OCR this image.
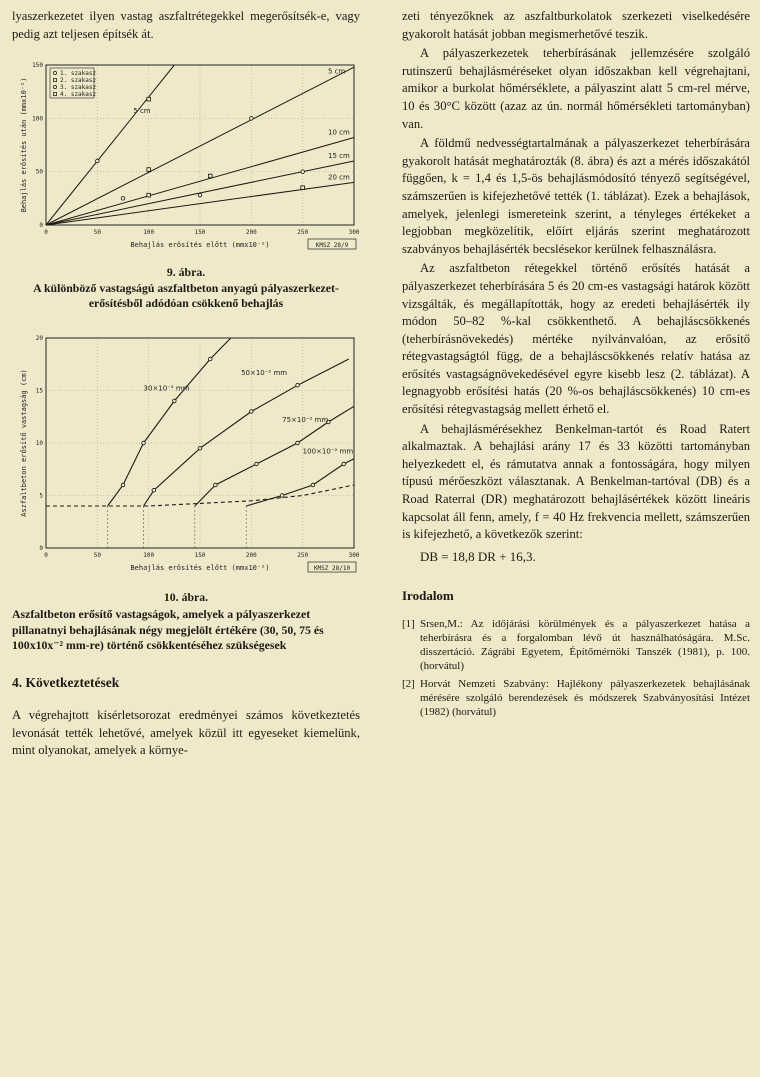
lyaszerkezetet ilyen vastag aszfaltrétegekkel megerősítsék-e, vagy pedig azt teljesen építsék át.

0	50	100	150	200	250	300
0
50
100
150
Behajlás erősítés előtt (mmx10⁻²)
Behajlás erősítés után (mmx10⁻²)
KMSZ 28/9
5 cm
5 cm
10 cm
15 cm
20 cm
1. szakasz
2. szakasz
3. szakasz
4. szakasz
9. ábra.
A különböző vastagságú aszfaltbeton anyagú pályaszerkezet-erősítésből adódóan csökkenő behajlás
0	50	100	150	200	250	300
0
5
10
15
20
Behajlás erősítés előtt (mmx10⁻²)
Aszfaltbeton erősítő vastagság (cm)
KMSZ 28/10
30×10⁻² mm
50×10⁻² mm
75×10⁻² mm
100×10⁻² mm
10. ábra.
Aszfaltbeton erősítő vastagságok, amelyek a pályaszerkezet pillanatnyi behajlásának négy megjelölt értékére (30, 50, 75 és 100x10x⁻² mm-re) történő csökkentéséhez szükségesek
4. Következtetések

A végrehajtott kísérletsorozat eredményei számos következtetés levonását tették lehetővé, amelyek közül itt egyeseket kiemelünk, mint olyanokat, amelyek a környe-

zeti tényezőknek az aszfaltburkolatok szerkezeti viselkedésére gyakorolt hatását jobban megismerhetővé teszik.

A pályaszerkezetek teherbírásának jellemzésére szolgáló rutinszerű behajlásméréseket olyan időszakban kell végrehajtani, amikor a burkolat hőmérséklete, a pályaszint alatt 5 cm-rel mérve, 10 és 30°C között (azaz az ún. normál hőmérsékleti tartományban) van.

A földmű nedvességtartalmának a pályaszerkezet teherbírására gyakorolt hatását meghatározták (8. ábra) és azt a mérés időszakától függően, k = 1,4 és 1,5-ös behajlásmódosító tényező segítségével, számszerűen is kifejezhetővé tették (1. táblázat). Ezek a behajlások, amelyek, jelenlegi ismereteink szerint, a tényleges értékeket a legjobban megközelítik, előírt eljárás szerint meghatározott szabványos behajlásérték becslésekor kerülnek felhasználásra.

Az aszfaltbeton rétegekkel történő erősítés hatását a pályaszerkezet teherbírására 5 és 20 cm-es vastagsági határok között vizsgálták, és megállapították, hogy az eredeti behajlásérték ily módon 50–82 %-kal csökkenthető. A behajláscsökkenés (teherbírásnövekedés) mértéke nyilvánvalóan, az erősítő rétegvastagságtól függ, de a behajláscsökkenés relatív hatása az erősítés vastagságnövekedésével egyre kisebb lesz (2. táblázat). A legnagyobb erősítési hatás (20 %-os behajláscsökkenés) 10 cm-es erősítési rétegvastagság mellett érhető el.

A behajlásmérésekhez Benkelman-tartót és Road Ratert alkalmaztak. A behajlási arány 17 és 33 közötti tartományban helyezkedett el, és rámutatva annak a fontosságára, hogy milyen típusú mérőeszközt választanak. A Benkelman-tartóval (DB) és a Road Raterral (DR) meghatározott behajlásértékek között lineáris kapcsolat áll fenn, amely, f = 40 Hz frekvencia mellett, számszerűen is kifejezhető, a következők szerint:

DB = 18,8 DR + 16,3.

Irodalom
[1] Srsen,M.: Az időjárási körülmények és a pályaszerkezet hatása a teherbírásra és a forgalomban lévő út használhatóságára. M.Sc. disszertáció. Zágrábi Egyetem, Építőmérnöki Tanszék (1981), p. 100. (horvátul)
[2] Horvát Nemzeti Szabvány: Hajlékony pályaszerkezetek behajlásának mérésére szolgáló berendezések és módszerek Szabványosítási Intézet (1982) (horvátul)
